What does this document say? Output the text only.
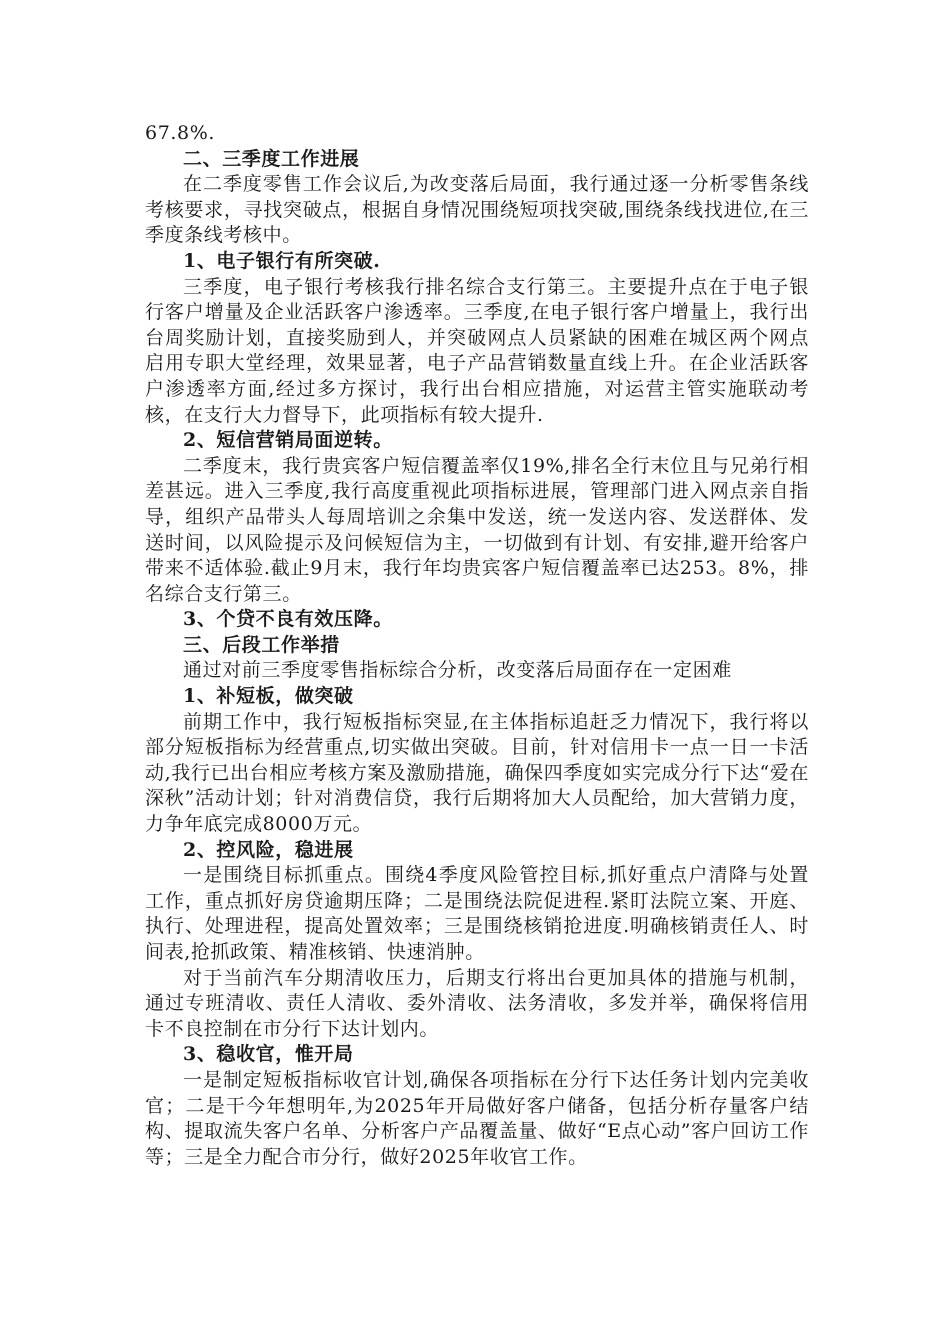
67.8%.

二、三季度工作进展

在二季度零售工作会议后,为改变落后局面，我行通过逐一分析零售条线考核要求，寻找突破点，根据自身情况围绕短项找突破,围绕条线找进位,在三季度条线考核中。

1、电子银行有所突破.

三季度，电子银行考核我行排名综合支行第三。主要提升点在于电子银行客户增量及企业活跃客户渗透率。三季度,在电子银行客户增量上，我行出台周奖励计划，直接奖励到人，并突破网点人员紧缺的困难在城区两个网点启用专职大堂经理，效果显著，电子产品营销数量直线上升。在企业活跃客户渗透率方面,经过多方探讨，我行出台相应措施，对运营主管实施联动考核，在支行大力督导下，此项指标有较大提升.

2、短信营销局面逆转。

二季度末，我行贵宾客户短信覆盖率仅19%,排名全行末位且与兄弟行相差甚远。进入三季度,我行高度重视此项指标进展，管理部门进入网点亲自指导，组织产品带头人每周培训之余集中发送，统一发送内容、发送群体、发送时间，以风险提示及问候短信为主，一切做到有计划、有安排,避开给客户带来不适体验.截止9月末，我行年均贵宾客户短信覆盖率已达253。8%，排名综合支行第三。

3、个贷不良有效压降。

三、后段工作举措

通过对前三季度零售指标综合分析，改变落后局面存在一定困难

1、补短板，做突破

前期工作中，我行短板指标突显,在主体指标追赶乏力情况下，我行将以部分短板指标为经营重点,切实做出突破。目前，针对信用卡一点一日一卡活动,我行已出台相应考核方案及激励措施，确保四季度如实完成分行下达“爱在深秋”活动计划；针对消费信贷，我行后期将加大人员配给，加大营销力度，力争年底完成8000万元。

2、控风险，稳进展

一是围绕目标抓重点。围绕4季度风险管控目标,抓好重点户清降与处置工作，重点抓好房贷逾期压降；二是围绕法院促进程.紧盯法院立案、开庭、执行、处理进程，提高处置效率；三是围绕核销抢进度.明确核销责任人、时间表,抢抓政策、精准核销、快速消肿。

对于当前汽车分期清收压力，后期支行将出台更加具体的措施与机制，通过专班清收、责任人清收、委外清收、法务清收，多发并举，确保将信用卡不良控制在市分行下达计划内。

3、稳收官，惟开局

一是制定短板指标收官计划,确保各项指标在分行下达任务计划内完美收官；二是干今年想明年,为2025年开局做好客户储备，包括分析存量客户结构、提取流失客户名单、分析客户产品覆盖量、做好“E点心动”客户回访工作等；三是全力配合市分行，做好2025年收官工作。
